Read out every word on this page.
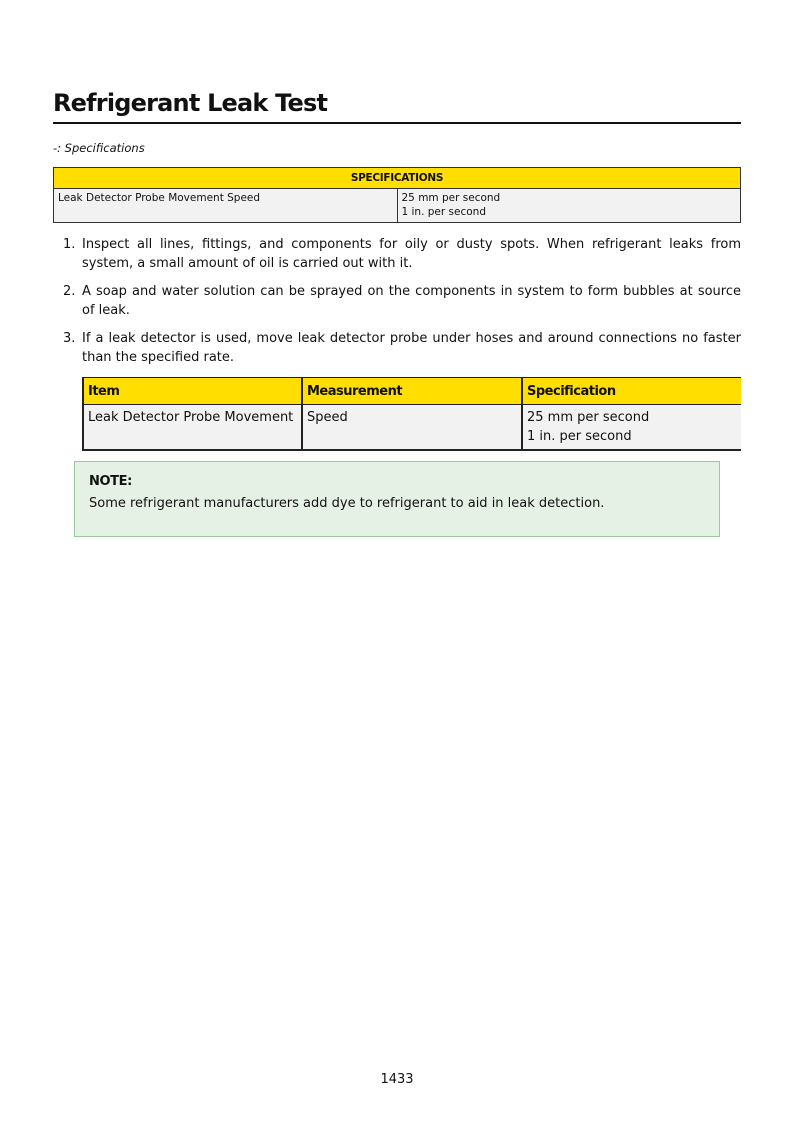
Refrigerant Leak Test
-: Specifications
SPECIFICATIONS
Leak Detector Probe Movement Speed	25 mm per second
1 in. per second
1. Inspect all lines, fittings, and components for oily or dusty spots. When refrigerant leaks from system, a small amount of oil is carried out with it.
2. A soap and water solution can be sprayed on the components in system to form bubbles at source of leak.
3. If a leak detector is used, move leak detector probe under hoses and around connections no faster than the specified rate.
Item	Measurement	Specification
Leak Detector Probe Movement	Speed	25 mm per second
1 in. per second
NOTE:
Some refrigerant manufacturers add dye to refrigerant to aid in leak detection.
1433
